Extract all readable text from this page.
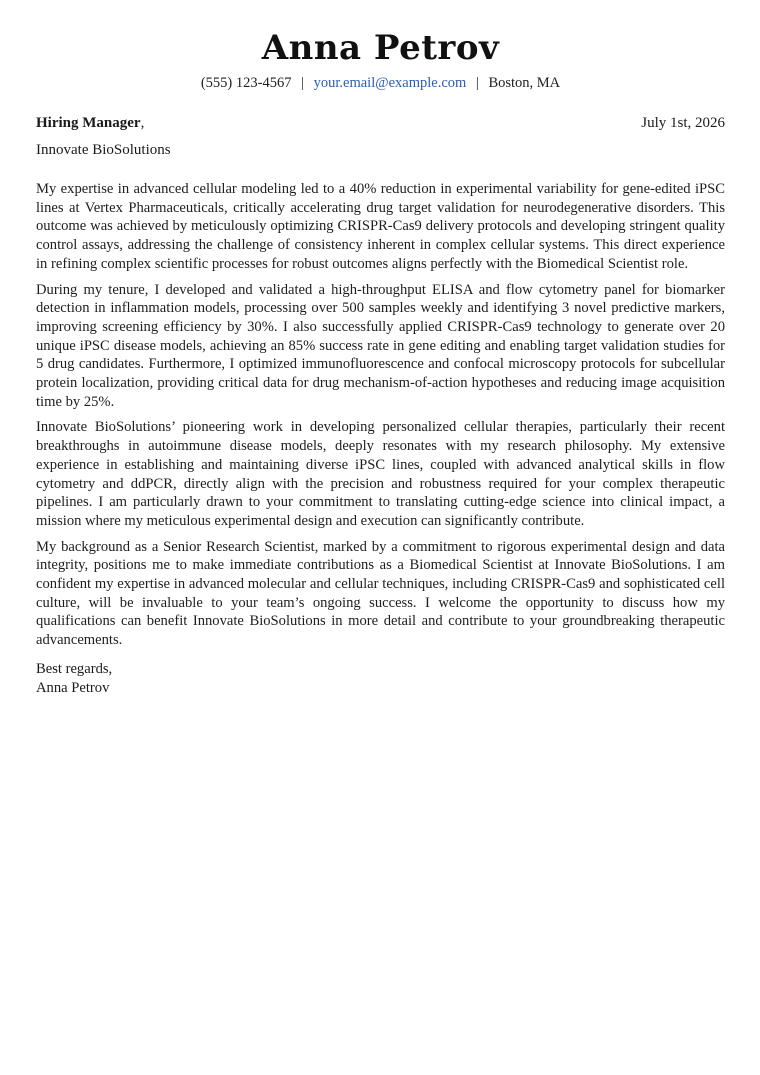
Anna Petrov
(555) 123-4567 | your.email@example.com | Boston, MA
Hiring Manager,	July 1st, 2026
Innovate BioSolutions

My expertise in advanced cellular modeling led to a 40% reduction in experimental variability for gene-edited iPSC lines at Vertex Pharmaceuticals, critically accelerating drug target validation for neurodegenerative disorders. This outcome was achieved by meticulously optimizing CRISPR-Cas9 delivery protocols and developing stringent quality control assays, addressing the challenge of consistency inherent in complex cellular systems. This direct experience in refining complex scientific processes for robust outcomes aligns perfectly with the Biomedical Scientist role.

During my tenure, I developed and validated a high-throughput ELISA and flow cytometry panel for biomarker detection in inflammation models, processing over 500 samples weekly and identifying 3 novel predictive markers, improving screening efficiency by 30%. I also successfully applied CRISPR-Cas9 technology to generate over 20 unique iPSC disease models, achieving an 85% success rate in gene editing and enabling target validation studies for 5 drug candidates. Furthermore, I optimized immunofluorescence and confocal microscopy protocols for subcellular protein localization, providing critical data for drug mechanism-of-action hypotheses and reducing image acquisition time by 25%.

Innovate BioSolutions’ pioneering work in developing personalized cellular therapies, particularly their recent breakthroughs in autoimmune disease models, deeply resonates with my research philosophy. My extensive experience in establishing and maintaining diverse iPSC lines, coupled with advanced analytical skills in flow cytometry and ddPCR, directly align with the precision and robustness required for your complex therapeutic pipelines. I am particularly drawn to your commitment to translating cutting-edge science into clinical impact, a mission where my meticulous experimental design and execution can significantly contribute.

My background as a Senior Research Scientist, marked by a commitment to rigorous experimental design and data integrity, positions me to make immediate contributions as a Biomedical Scientist at Innovate BioSolutions. I am confident my expertise in advanced molecular and cellular techniques, including CRISPR-Cas9 and sophisticated cell culture, will be invaluable to your team’s ongoing success. I welcome the opportunity to discuss how my qualifications can benefit Innovate BioSolutions in more detail and contribute to your groundbreaking therapeutic advancements.

Best regards,
Anna Petrov
